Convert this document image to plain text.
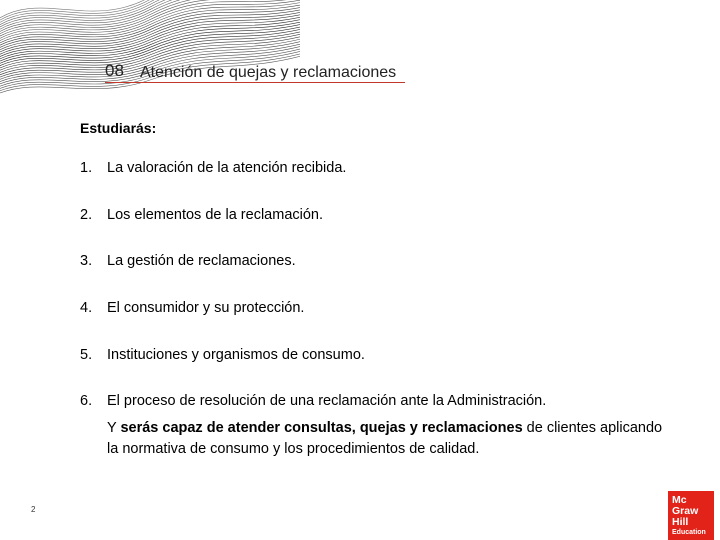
08 Atención de quejas y reclamaciones
Estudiarás:
1. La valoración de la atención recibida.
2. Los elementos de la reclamación.
3. La gestión de reclamaciones.
4. El consumidor y su protección.
5. Instituciones y organismos de consumo.
6. El proceso de resolución de una reclamación ante la Administración.
Y serás capaz de atender consultas, quejas y reclamaciones de clientes aplicando la normativa de consumo y los procedimientos de calidad.
2
Mc
Graw
Hill
Education
